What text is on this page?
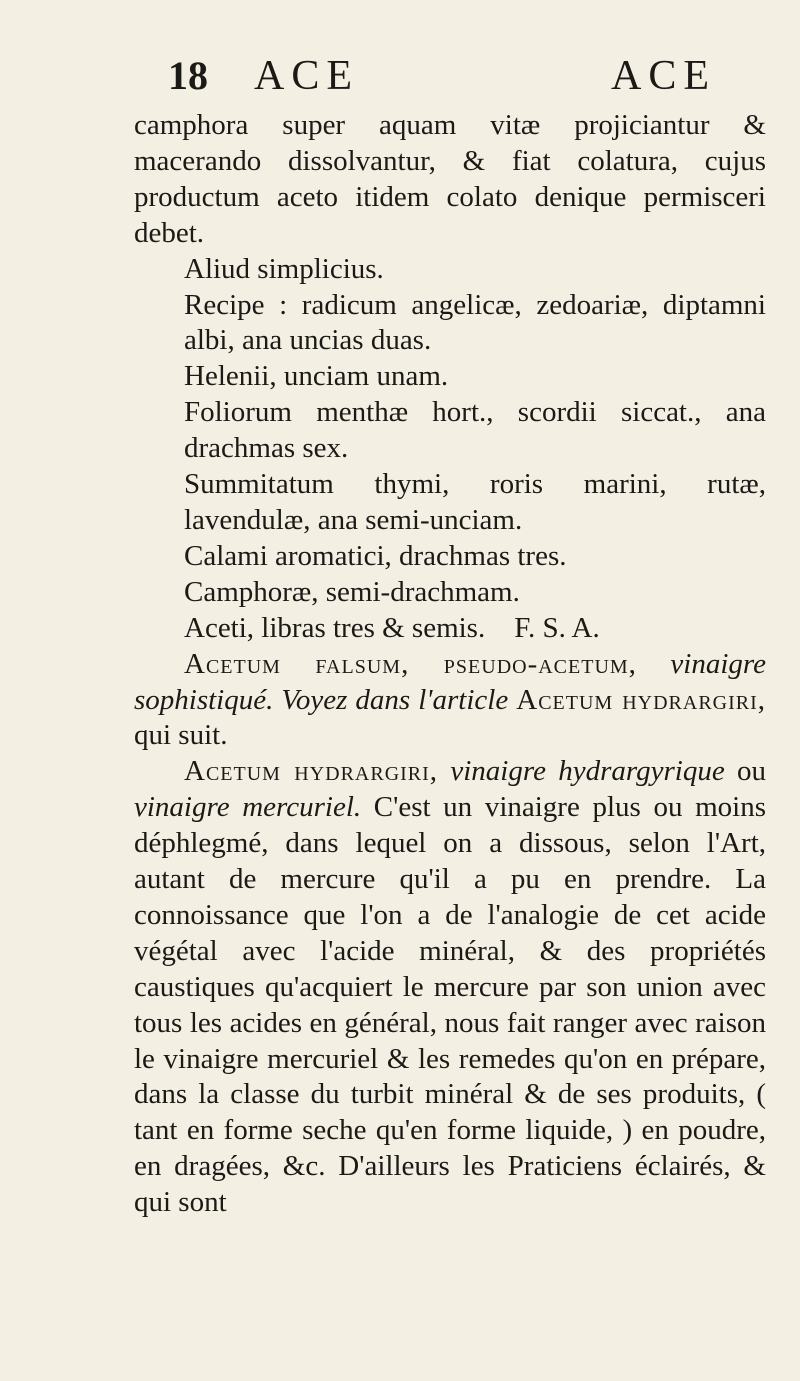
18 ACE	ACE

camphora super aquam vitæ projiciantur & macerando dissolvantur, & fiat colatura, cujus productum aceto itidem colato denique permisceri debet.

Aliud simplicius.
Recipe : radicum angelicæ, zedoariæ, diptamni albi, ana uncias duas.
Helenii, unciam unam.
Foliorum menthæ hort., scordii siccat., ana drachmas sex.
Summitatum thymi, roris marini, rutæ, lavendulæ, ana semi-unciam.
Calami aromatici, drachmas tres.
Camphoræ, semi-drachmam.
Aceti, libras tres & semis.    F. S. A.

Acetum falsum, pseudo-acetum, vinaigre sophistiqué. Voyez dans l'article Acetum hydrargiri, qui suit.

Acetum hydrargiri, vinaigre hydrargyrique ou vinaigre mercuriel. C'est un vinaigre plus ou moins déphlegmé, dans lequel on a dissous, selon l'Art, autant de mercure qu'il a pu en prendre. La connoissance que l'on a de l'analogie de cet acide végétal avec l'acide minéral, & des propriétés caustiques qu'acquiert le mercure par son union avec tous les acides en général, nous fait ranger avec raison le vinaigre mercuriel & les remedes qu'on en prépare, dans la classe du turbit minéral & de ses produits, ( tant en forme seche qu'en forme liquide, ) en poudre, en dragées, &c. D'ailleurs les Praticiens éclairés, & qui sont
